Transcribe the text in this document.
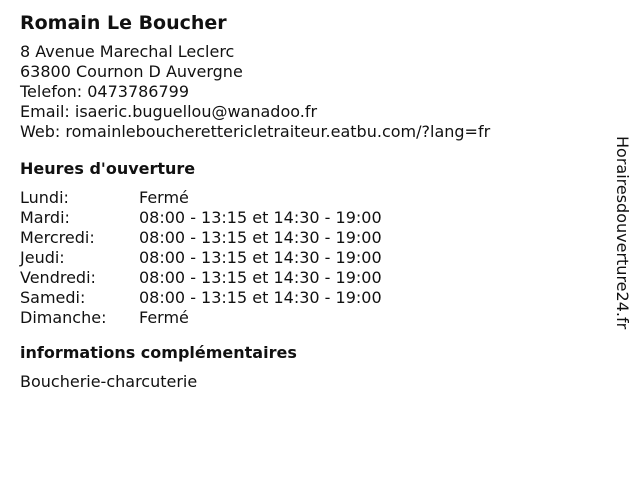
Romain Le Boucher
8 Avenue Marechal Leclerc
63800 Cournon D Auvergne
Telefon: 0473786799
Email: isaeric.buguellou@wanadoo.fr
Web: romainleboucherettericletraiteur.eatbu.com/?lang=fr
Heures d'ouverture
Lundi:	Fermé
Mardi:	08:00 - 13:15 et 14:30 - 19:00
Mercredi:	08:00 - 13:15 et 14:30 - 19:00
Jeudi:	08:00 - 13:15 et 14:30 - 19:00
Vendredi:	08:00 - 13:15 et 14:30 - 19:00
Samedi:	08:00 - 13:15 et 14:30 - 19:00
Dimanche:	Fermé
informations complémentaires
Boucherie-charcuterie
Horairesdouverture24.fr
